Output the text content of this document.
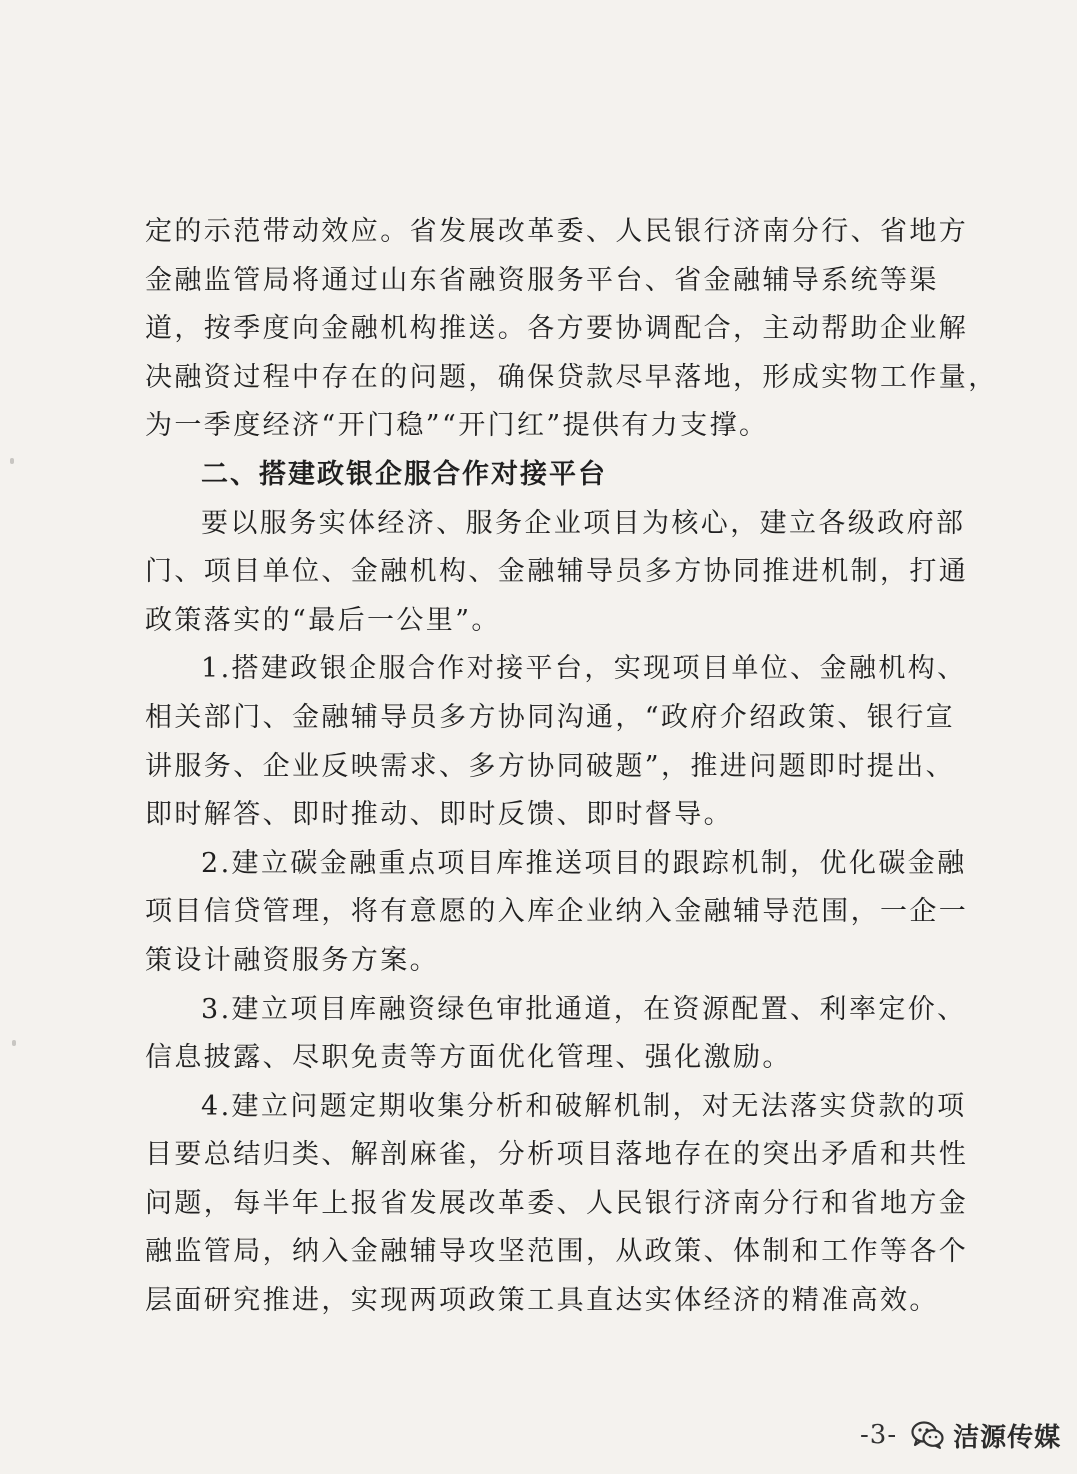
定的示范带动效应。省发展改革委、人民银行济南分行、省地方
金融监管局将通过山东省融资服务平台、省金融辅导系统等渠
道，按季度向金融机构推送。各方要协调配合，主动帮助企业解
决融资过程中存在的问题，确保贷款尽早落地，形成实物工作量，
为一季度经济“开门稳”“开门红”提供有力支撑。
二、搭建政银企服合作对接平台
要以服务实体经济、服务企业项目为核心，建立各级政府部
门、项目单位、金融机构、金融辅导员多方协同推进机制，打通
政策落实的“最后一公里”。
1.搭建政银企服合作对接平台，实现项目单位、金融机构、
相关部门、金融辅导员多方协同沟通，“政府介绍政策、银行宣
讲服务、企业反映需求、多方协同破题”，推进问题即时提出、
即时解答、即时推动、即时反馈、即时督导。
2.建立碳金融重点项目库推送项目的跟踪机制，优化碳金融
项目信贷管理，将有意愿的入库企业纳入金融辅导范围，一企一
策设计融资服务方案。
3.建立项目库融资绿色审批通道，在资源配置、利率定价、
信息披露、尽职免责等方面优化管理、强化激励。
4.建立问题定期收集分析和破解机制，对无法落实贷款的项
目要总结归类、解剖麻雀，分析项目落地存在的突出矛盾和共性
问题，每半年上报省发展改革委、人民银行济南分行和省地方金
融监管局，纳入金融辅导攻坚范围，从政策、体制和工作等各个
层面研究推进，实现两项政策工具直达实体经济的精准高效。
-3- 洁源传媒
